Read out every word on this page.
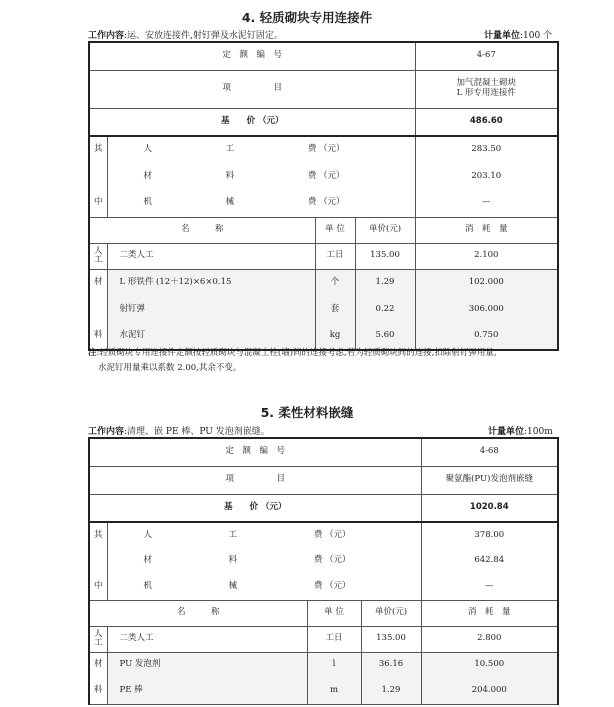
4. 轻质砌块专用连接件
工作内容:运、安放连接件,射钉弹及水泥钉固定。	计量单位:100 个
定　额　编　号				4-67
项　　　　　目				加气混凝土砌块
L 形专用连接件

基　　价 （元）				486.60
其	人 工 费 （元）			283.50

	材 料 费 （元）			203.10
中	机 械 费 （元）			—
名　　　称		单 位	单价(元)	消　耗　量
人工	二类人工	工日	135.00	2.100
材	L 形铁件 (12＋12)×6×0.15	个	1.29	102.000
	射钉弹	套	0.22	306.000
料	水泥钉	kg	5.60	0.750
注:轻质砌块专用连接件定额按轻质砌块与混凝土柱(墙)间的连接考虑,若为轻质砌块间的连接,扣除射钉弹用量,
水泥钉用量乘以系数 2.00,其余不变。
5. 柔性材料嵌缝
工作内容:清理、嵌 PE 棒、PU 发泡剂嵌缝。	计量单位:100m
定　额　编　号				4-68
项　　　　　目				聚氨酯(PU)发泡剂嵌缝
基　　价 （元）				1020.84
其	人 工 费 （元）			378.00

	材 料 费 （元）			642.84
中	机 械 费 （元）			—
名　　　称		单 位	单价(元)	消　耗　量
人工	二类人工	工日	135.00	2.800
材	PU 发泡剂	l	36.16	10.500
料	PE 棒	m	1.29	204.000
